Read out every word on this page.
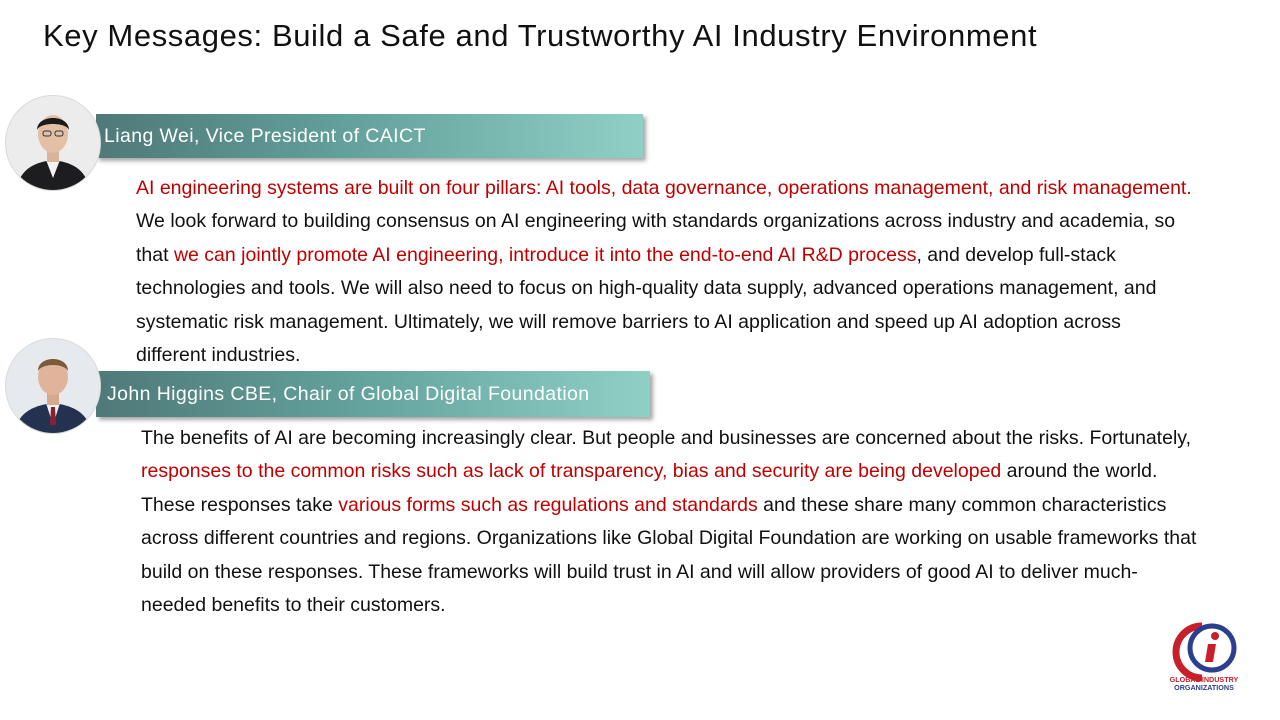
Key Messages: Build a Safe and Trustworthy AI Industry Environment
Liang Wei, Vice President of CAICT
AI engineering systems are built on four pillars: AI tools, data governance, operations management, and risk management. We look forward to building consensus on AI engineering with standards organizations across industry and academia, so that we can jointly promote AI engineering, introduce it into the end-to-end AI R&D process, and develop full-stack technologies and tools. We will also need to focus on high-quality data supply, advanced operations management, and systematic risk management. Ultimately, we will remove barriers to AI application and speed up AI adoption across different industries.
John Higgins CBE, Chair of Global Digital Foundation
The benefits of AI are becoming increasingly clear. But people and businesses are concerned about the risks. Fortunately, responses to the common risks such as lack of transparency, bias and security are being developed around the world. These responses take various forms such as regulations and standards and these share many common characteristics across different countries and regions. Organizations like Global Digital Foundation are working on usable frameworks that build on these responses. These frameworks will build trust in AI and will allow providers of good AI to deliver much-needed benefits to their customers.
GLOBAL INDUSTRY
ORGANIZATIONS
